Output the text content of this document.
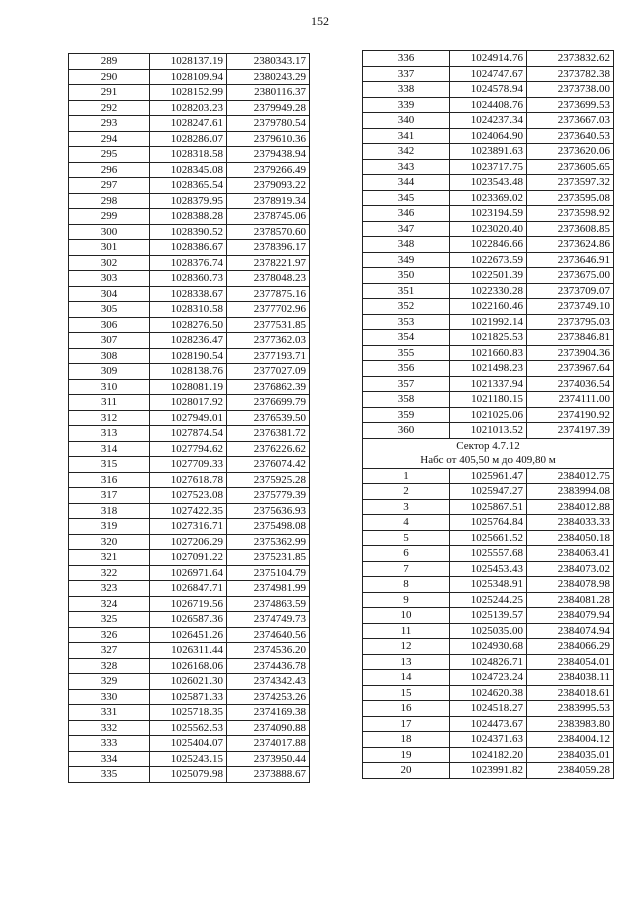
152
289	1028137.19	2380343.17
290	1028109.94	2380243.29
291	1028152.99	2380116.37
292	1028203.23	2379949.28
293	1028247.61	2379780.54
294	1028286.07	2379610.36
295	1028318.58	2379438.94
296	1028345.08	2379266.49
297	1028365.54	2379093.22
298	1028379.95	2378919.34
299	1028388.28	2378745.06
300	1028390.52	2378570.60
301	1028386.67	2378396.17
302	1028376.74	2378221.97
303	1028360.73	2378048.23
304	1028338.67	2377875.16
305	1028310.58	2377702.96
306	1028276.50	2377531.85
307	1028236.47	2377362.03
308	1028190.54	2377193.71
309	1028138.76	2377027.09
310	1028081.19	2376862.39
311	1028017.92	2376699.79
312	1027949.01	2376539.50
313	1027874.54	2376381.72
314	1027794.62	2376226.62
315	1027709.33	2376074.42
316	1027618.78	2375925.28
317	1027523.08	2375779.39
318	1027422.35	2375636.93
319	1027316.71	2375498.08
320	1027206.29	2375362.99
321	1027091.22	2375231.85
322	1026971.64	2375104.79
323	1026847.71	2374981.99
324	1026719.56	2374863.59
325	1026587.36	2374749.73
326	1026451.26	2374640.56
327	1026311.44	2374536.20
328	1026168.06	2374436.78
329	1026021.30	2374342.43
330	1025871.33	2374253.26
331	1025718.35	2374169.38
332	1025562.53	2374090.88
333	1025404.07	2374017.88
334	1025243.15	2373950.44
335	1025079.98	2373888.67
336	1024914.76	2373832.62
337	1024747.67	2373782.38
338	1024578.94	2373738.00
339	1024408.76	2373699.53
340	1024237.34	2373667.03
341	1024064.90	2373640.53
342	1023891.63	2373620.06
343	1023717.75	2373605.65
344	1023543.48	2373597.32
345	1023369.02	2373595.08
346	1023194.59	2373598.92
347	1023020.40	2373608.85
348	1022846.66	2373624.86
349	1022673.59	2373646.91
350	1022501.39	2373675.00
351	1022330.28	2373709.07
352	1022160.46	2373749.10
353	1021992.14	2373795.03
354	1021825.53	2373846.81
355	1021660.83	2373904.36
356	1021498.23	2373967.64
357	1021337.94	2374036.54
358	1021180.15	2374111.00
359	1021025.06	2374190.92
360	1021013.52	2374197.39

Сектор 4.7.12
Набс от 405,50 м до 409,80 м		

1	1025961.47	2384012.75
2	1025947.27	2383994.08
3	1025867.51	2384012.88
4	1025764.84	2384033.33
5	1025661.52	2384050.18
6	1025557.68	2384063.41
7	1025453.43	2384073.02
8	1025348.91	2384078.98
9	1025244.25	2384081.28
10	1025139.57	2384079.94
11	1025035.00	2384074.94
12	1024930.68	2384066.29
13	1024826.71	2384054.01
14	1024723.24	2384038.11
15	1024620.38	2384018.61
16	1024518.27	2383995.53
17	1024473.67	2383983.80
18	1024371.63	2384004.12
19	1024182.20	2384035.01
20	1023991.82	2384059.28
